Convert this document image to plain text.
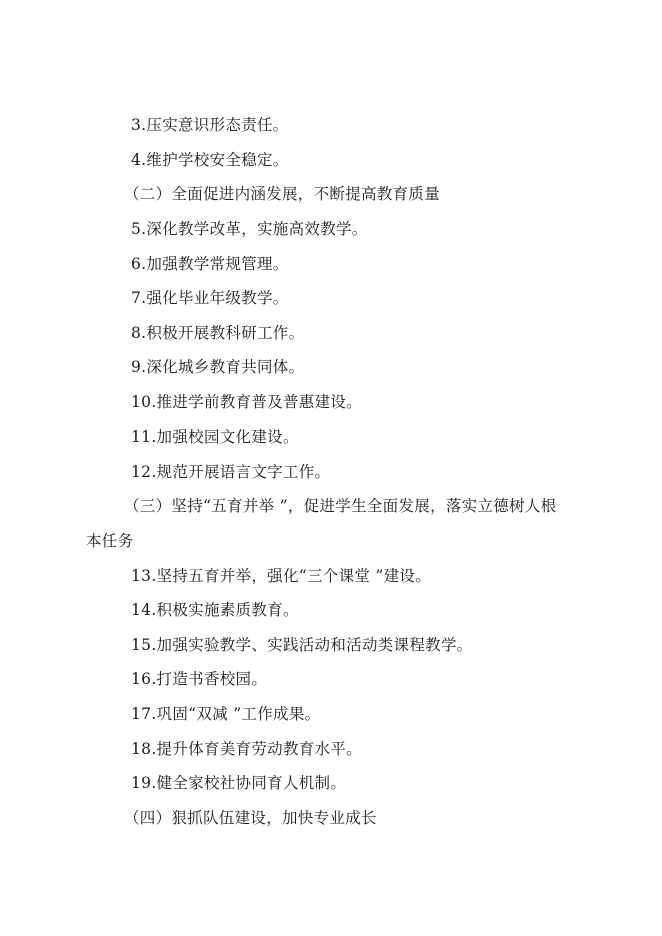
3.压实意识形态责任。
4.维护学校安全稳定。
（二）全面促进内涵发展，不断提高教育质量
5.深化教学改革，实施高效教学。
6.加强教学常规管理。
7.强化毕业年级教学。
8.积极开展教科研工作。
9.深化城乡教育共同体。
10.推进学前教育普及普惠建设。
11.加强校园文化建设。
12.规范开展语言文字工作。
（三）坚持“五育并举 ”，促进学生全面发展，落实立德树人根
本任务
13.坚持五育并举，强化“三个课堂 ”建设。
14.积极实施素质教育。
15.加强实验教学、实践活动和活动类课程教学。
16.打造书香校园。
17.巩固“双减 ”工作成果。
18.提升体育美育劳动教育水平。
19.健全家校社协同育人机制。
（四）狠抓队伍建设，加快专业成长
